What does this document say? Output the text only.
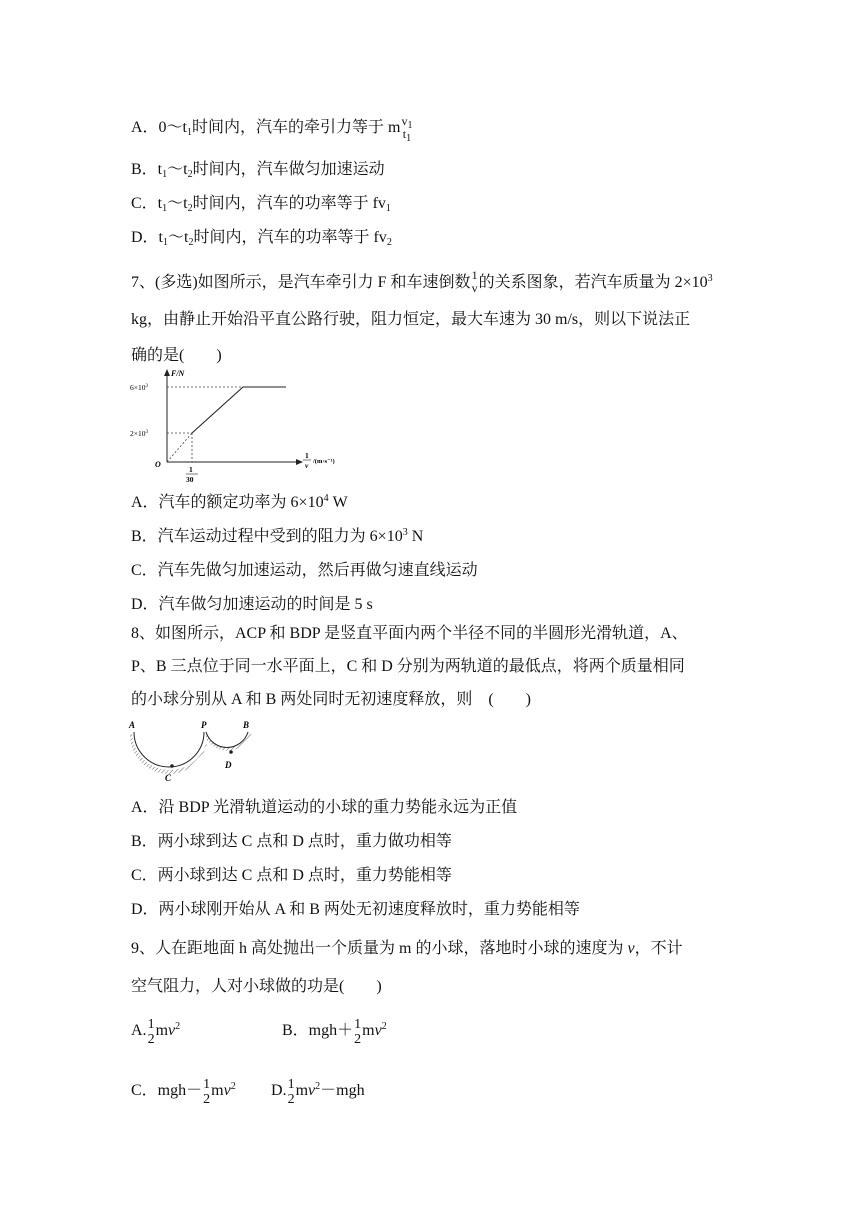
A．$0\sim t_1$时间内，汽车的牵引力等于 m $v_1$
$t_1$
B．$t_1\sim t_2$时间内，汽车做匀加速运动
C．$t_1\sim t_2$时间内，汽车的功率等于 $fv_1$
D．$t_1\sim t_2$时间内，汽车的功率等于 $fv_2$
7、(多选)如图所示，是汽车牵引力 F 和车速倒数 1
v 的关系图象，若汽车质量为 $2\times 10^3$
kg，由静止开始沿平直公路行驶，阻力恒定，最大车速为 30 m/s，则以下说法正
确的是(　　)
F/N
$6\times 10^3$
$2\times 10^3$
O
1
30
1
v /(m·s⁻¹)
A．汽车的额定功率为 $6\times 10^4$ W
B．汽车运动过程中受到的阻力为 $6\times 10^3$ N
C．汽车先做匀加速运动，然后再做匀速直线运动
D．汽车做匀加速运动的时间是 5 s
8、如图所示，ACP 和 BDP 是竖直平面内两个半径不同的半圆形光滑轨道，A、
P、B 三点位于同一水平面上，C 和 D 分别为两轨道的最低点，将两个质量相同
的小球分别从 A 和 B 两处同时无初速度释放，则　(　　)
A	P	B
C
D
A．沿 BDP 光滑轨道运动的小球的重力势能永远为正值
B．两小球到达 C 点和 D 点时，重力做功相等
C．两小球到达 C 点和 D 点时，重力势能相等
D．两小球刚开始从 A 和 B 两处无初速度释放时，重力势能相等
9、人在距地面 h 高处抛出一个质量为 m 的小球，落地时小球的速度为 v，不计
空气阻力，人对小球做的功是(　　)
A. 1
2
$mv^2$	B．mgh＋ 1
2
$mv^2$
C．mgh－ 1
2
$mv^2$ D. 1
2
$mv^2-mgh$
